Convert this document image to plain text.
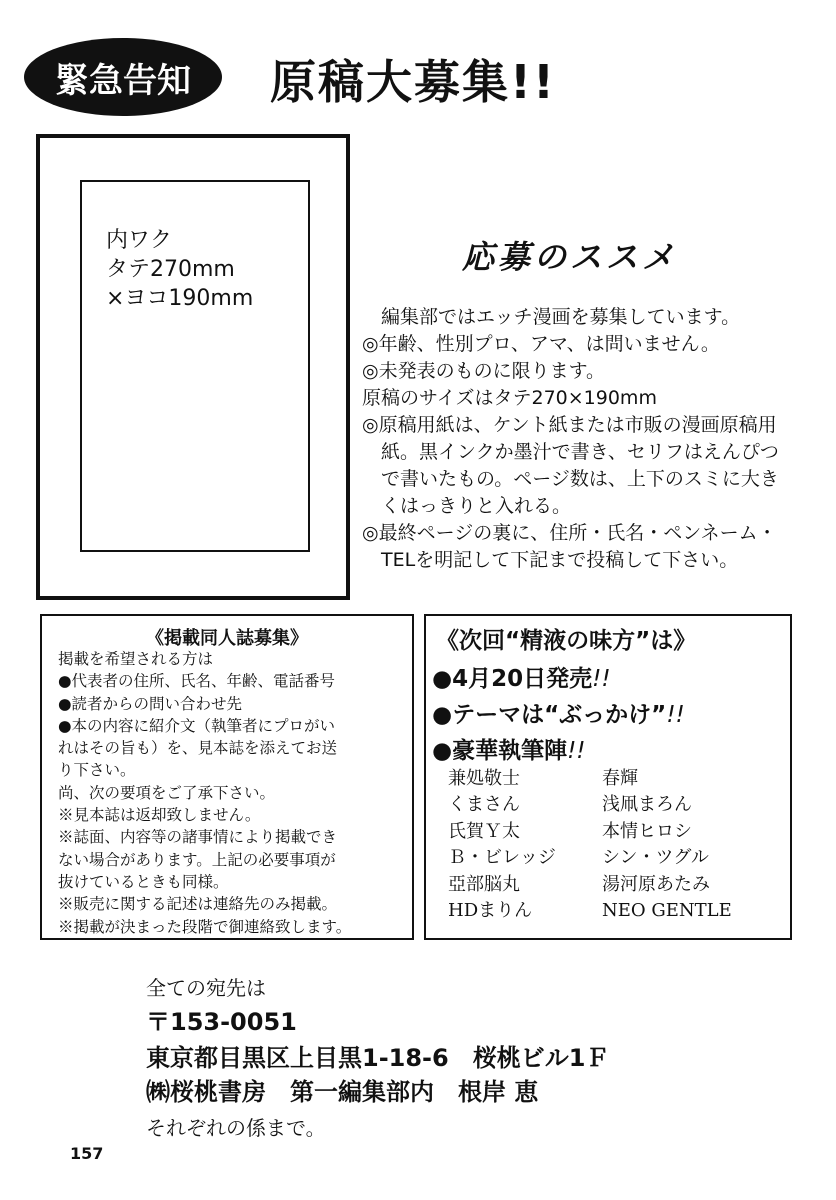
緊急告知	原稿大募集!!
内ワク
タテ270mm
×ヨコ190mm
応募のススメ
　編集部ではエッチ漫画を募集しています。
◎年齢、性別プロ、アマ、は問いません。
◎未発表のものに限ります。
原稿のサイズはタテ270×190mm
◎原稿用紙は、ケント紙または市販の漫画原稿用
　紙。黒インクか墨汁で書き、セリフはえんぴつ
　で書いたもの。ページ数は、上下のスミに大き
　くはっきりと入れる。
◎最終ページの裏に、住所・氏名・ペンネーム・
　TELを明記して下記まで投稿して下さい。
《掲載同人誌募集》
掲載を希望される方は
●代表者の住所、氏名、年齢、電話番号
●読者からの問い合わせ先
●本の内容に紹介文（執筆者にプロがい
れはその旨も）を、見本誌を添えてお送
り下さい。
尚、次の要項をご了承下さい。
※見本誌は返却致しません。
※誌面、内容等の諸事情により掲載でき
ない場合があります。上記の必要事項が
抜けているときも同様。
※販売に関する記述は連絡先のみ掲載。
※掲載が決まった段階で御連絡致します。
《次回“精液の味方”は》
●4月20日発売!!
●テーマは“ぶっかけ”!!
●豪華執筆陣!!
兼処敬士
くまさん
氏賀Ｙ太
Ｂ・ビレッジ
亞部脳丸
HDまりん
春輝
浅凧まろん
本情ヒロシ
シン・ツグル
湯河原あたみ
NEO GENTLE
全ての宛先は
〒153-0051
東京都目黒区上目黒1-18-6　桜桃ビル1Ｆ
㈱桜桃書房　第一編集部内　根岸 恵
それぞれの係まで。
157
